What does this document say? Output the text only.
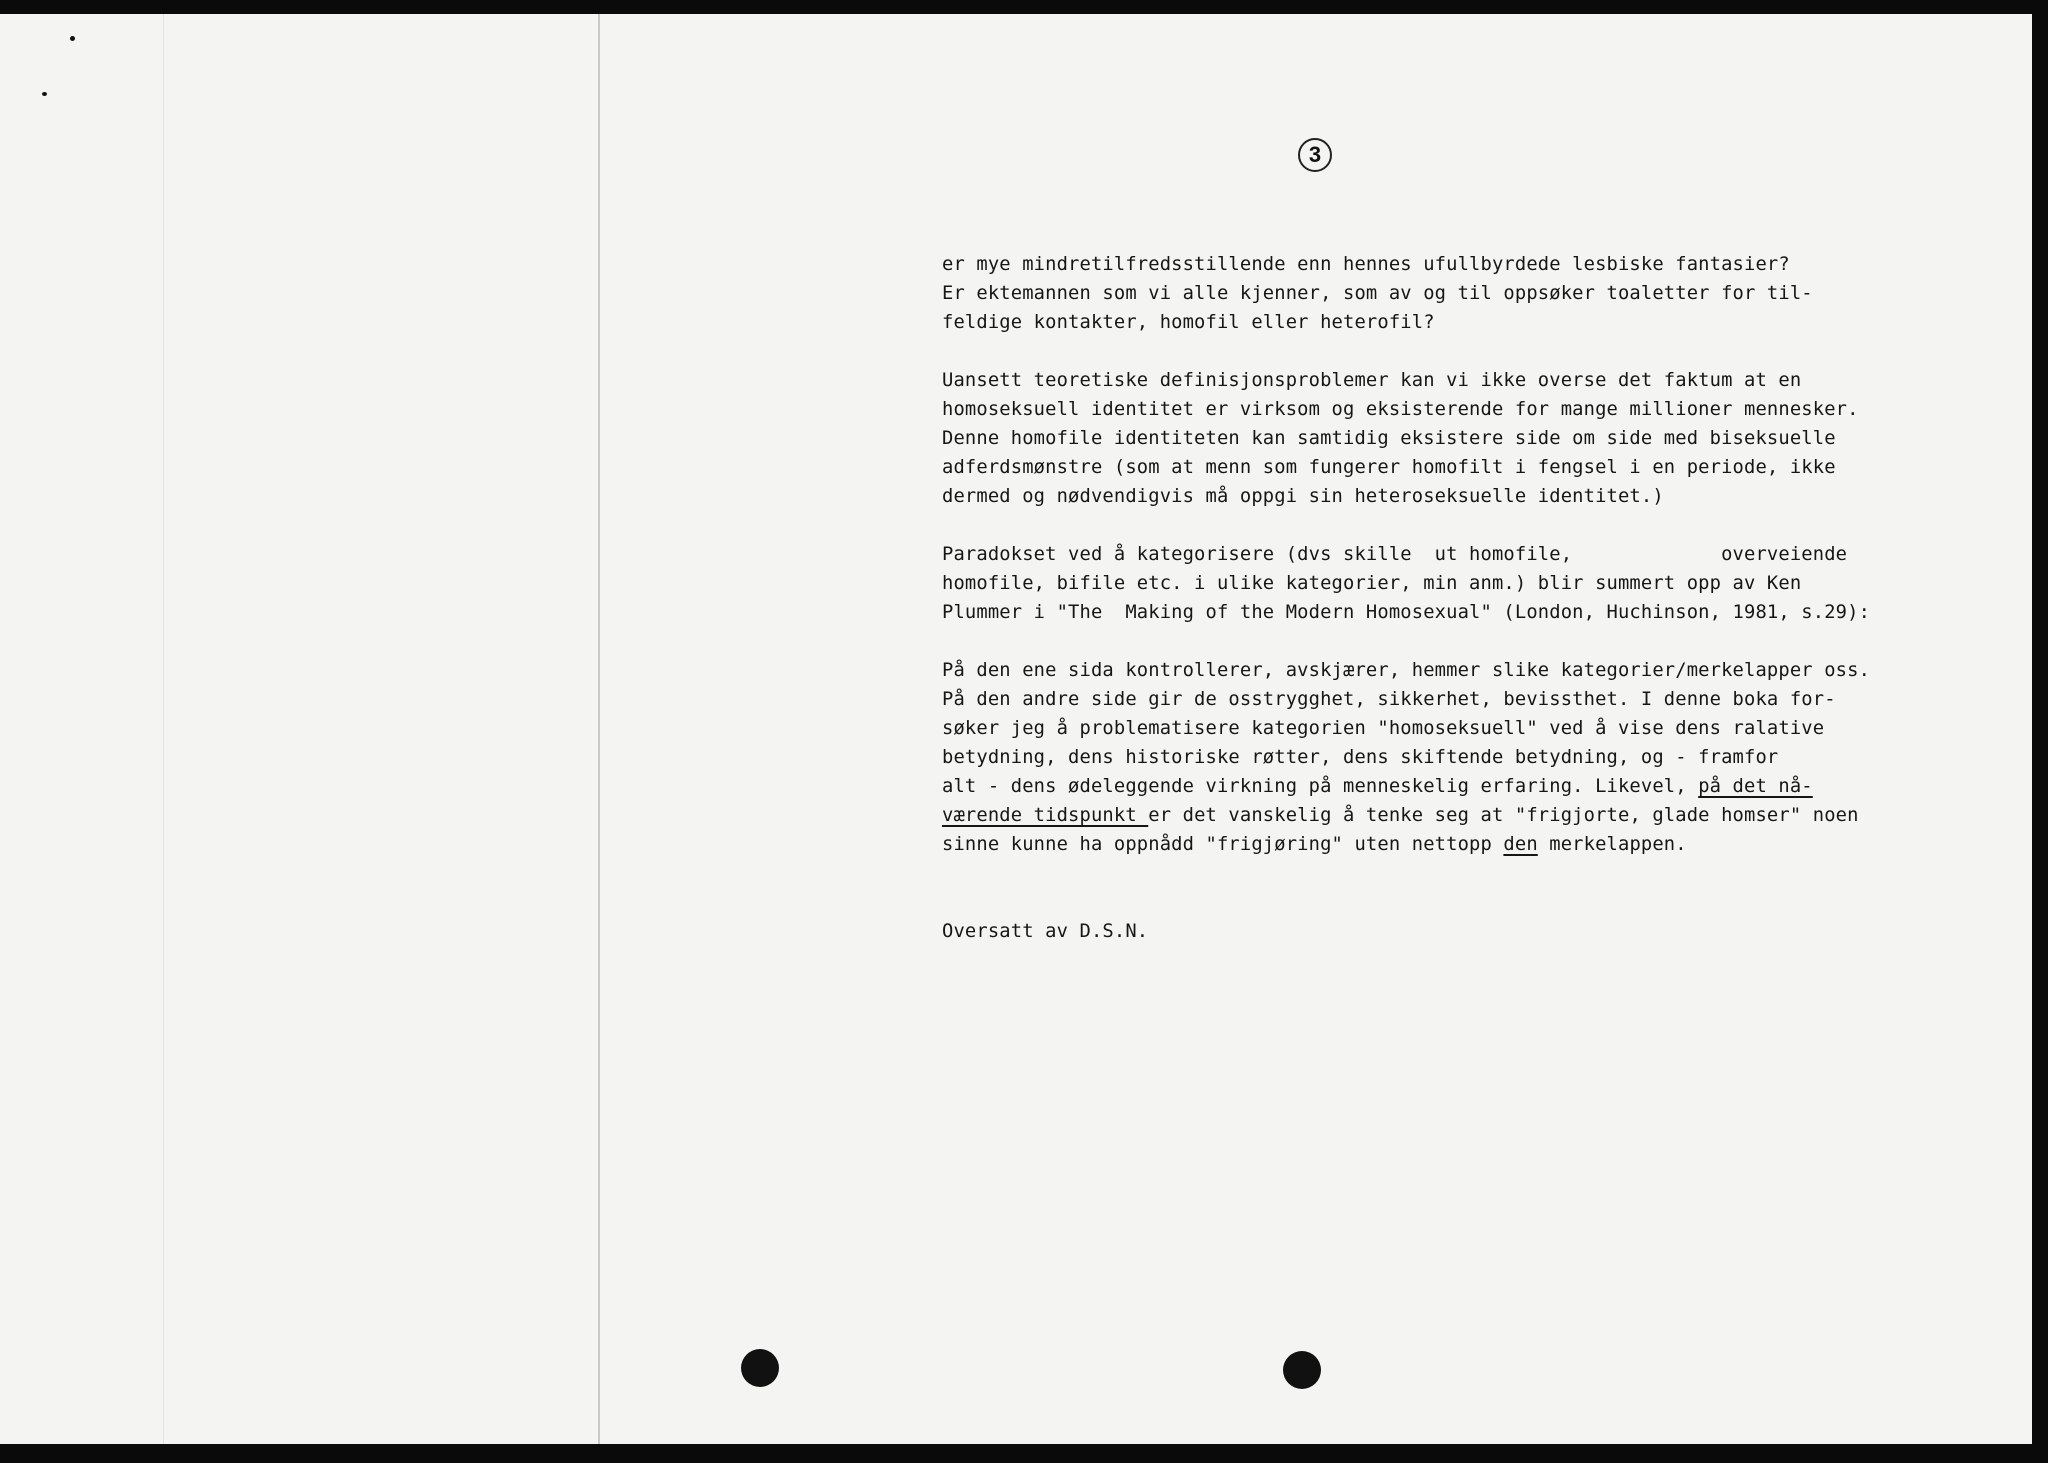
3
er mye mindretilfredsstillende enn hennes ufullbyrdede lesbiske fantasier?
Er ektemannen som vi alle kjenner, som av og til oppsøker toaletter for til-
feldige kontakter, homofil eller heterofil?
Uansett teoretiske definisjonsproblemer kan vi ikke overse det faktum at en
homoseksuell identitet er virksom og eksisterende for mange millioner mennesker.
Denne homofile identiteten kan samtidig eksistere side om side med biseksuelle
adferdsmønstre (som at menn som fungerer homofilt i fengsel i en periode, ikke
dermed og nødvendigvis må oppgi sin heteroseksuelle identitet.)
Paradokset ved å kategorisere (dvs skille  ut homofile,             overveiende
homofile, bifile etc. i ulike kategorier, min anm.) blir summert opp av Ken
Plummer i "The  Making of the Modern Homosexual" (London, Huchinson, 1981, s.29):
På den ene sida kontrollerer, avskjærer, hemmer slike kategorier/merkelapper oss.
På den andre side gir de osstrygghet, sikkerhet, bevissthet. I denne boka for-
søker jeg å problematisere kategorien "homoseksuell" ved å vise dens ralative
betydning, dens historiske røtter, dens skiftende betydning, og - framfor
alt - dens ødeleggende virkning på menneskelig erfaring. Likevel, på det nå-
værende tidspunkt er det vanskelig å tenke seg at "frigjorte, glade homser" noen
sinne kunne ha oppnådd "frigjøring" uten nettopp den merkelappen.
Oversatt av D.S.N.
